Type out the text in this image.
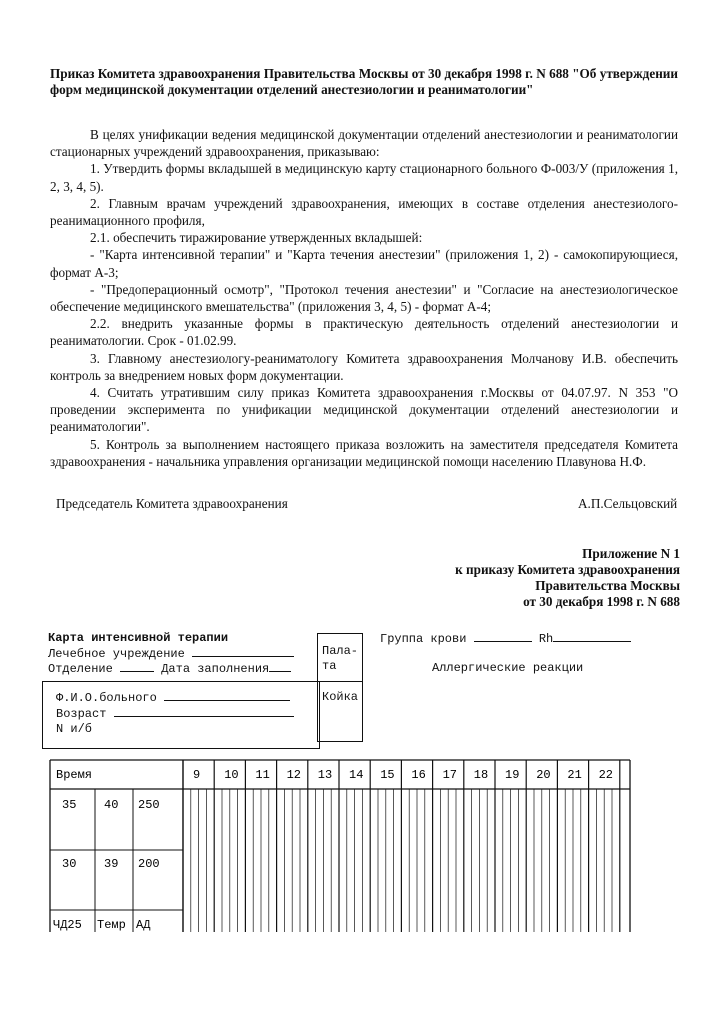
Приказ Комитета здравоохранения Правительства Москвы от 30 декабря 1998 г. N 688 "Об утверждении форм медицинской документации отделений анестезиологии и реаниматологии"

В целях унификации ведения медицинской документации отделений анестезиологии и реаниматологии стационарных учреждений здравоохранения, приказываю:

1. Утвердить формы вкладышей в медицинскую карту стационарного больного Ф-003/У (приложения 1, 2, 3, 4, 5).

2. Главным врачам учреждений здравоохранения, имеющих в составе отделения анестезиолого-реанимационного профиля,

2.1. обеспечить тиражирование утвержденных вкладышей:

- "Карта интенсивной терапии" и "Карта течения анестезии" (приложения 1, 2) - самокопирующиеся, формат А-3;

- "Предоперационный осмотр", "Протокол течения анестезии" и "Согласие на анестезиологическое обеспечение медицинского вмешательства" (приложения 3, 4, 5) - формат А-4;

2.2. внедрить указанные формы в практическую деятельность отделений анестезиологии и реаниматологии. Срок - 01.02.99.

3. Главному анестезиологу-реаниматологу Комитета здравоохранения Молчанову И.В. обеспечить контроль за внедрением новых форм документации.

4. Считать утратившим силу приказ Комитета здравоохранения г.Москвы от 04.07.97. N 353 "О проведении эксперимента по унификации медицинской документации отделений анестезиологии и реаниматологии".

5. Контроль за выполнением настоящего приказа возложить на заместителя председателя Комитета здравоохранения - начальника управления организации медицинской помощи населению Плавунова Н.Ф.

Председатель Комитета здравоохранения	А.П.Сельцовский
Приложение N 1
к приказу Комитета здравоохранения
Правительства Москвы
от 30 декабря 1998 г. N 688
Карта интенсивной терапии
Лечебное учреждение
Отделение	Дата заполнения
Пала-
та
Койка
Группа крови	Rh
Аллергические реакции
Ф.И.О.больного
Возраст
N и/б
Время	9 10 11 12 13 14 15 16 17 18 19 20 21 22
35 40 250
30 39 200
ЧД25 Темр АД
